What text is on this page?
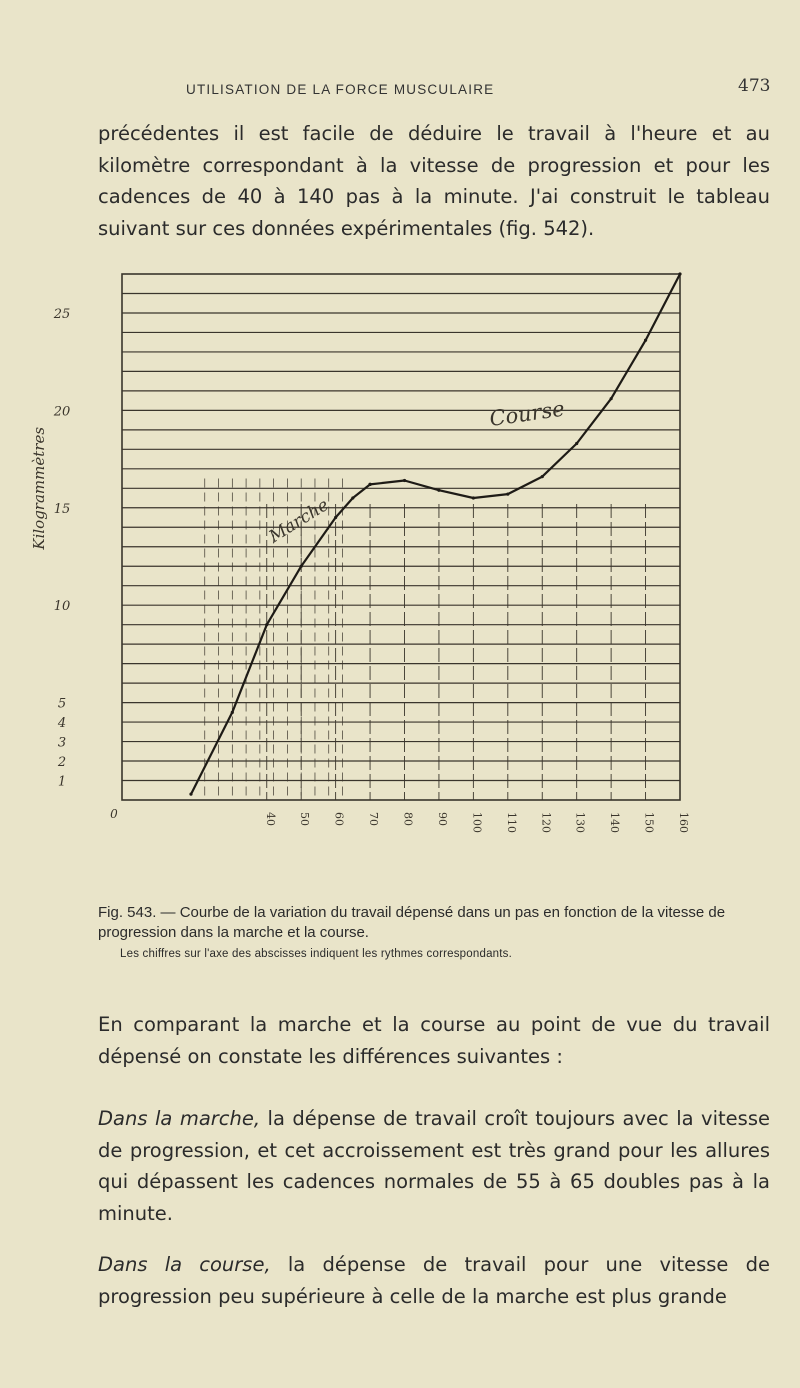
UTILISATION DE LA FORCE MUSCULAIRE	473

précédentes il est facile de déduire le travail à l'heure et au kilomètre correspondant à la vitesse de progression et pour les cadences de 40 à 140 pas à la minute. J'ai construit le tableau suivant sur ces données expérimentales (fig. 542).

1
2
3
4
5
10
15
20
25
0	40 50 60 70 80 90 100 110 120 130 140 150 160
Kilogrammètres
Course
Marche

Fig. 543. — Courbe de la variation du travail dépensé dans un pas en fonction de la vitesse de progression dans la marche et la course.

Les chiffres sur l'axe des abscisses indiquent les rythmes correspondants.

En comparant la marche et la course au point de vue du travail dépensé on constate les différences suivantes :

Dans la marche, la dépense de travail croît toujours avec la vitesse de progression, et cet accroissement est très grand pour les allures qui dépassent les cadences normales de 55 à 65 doubles pas à la minute.

Dans la course, la dépense de travail pour une vitesse de progression peu supérieure à celle de la marche est plus grande
